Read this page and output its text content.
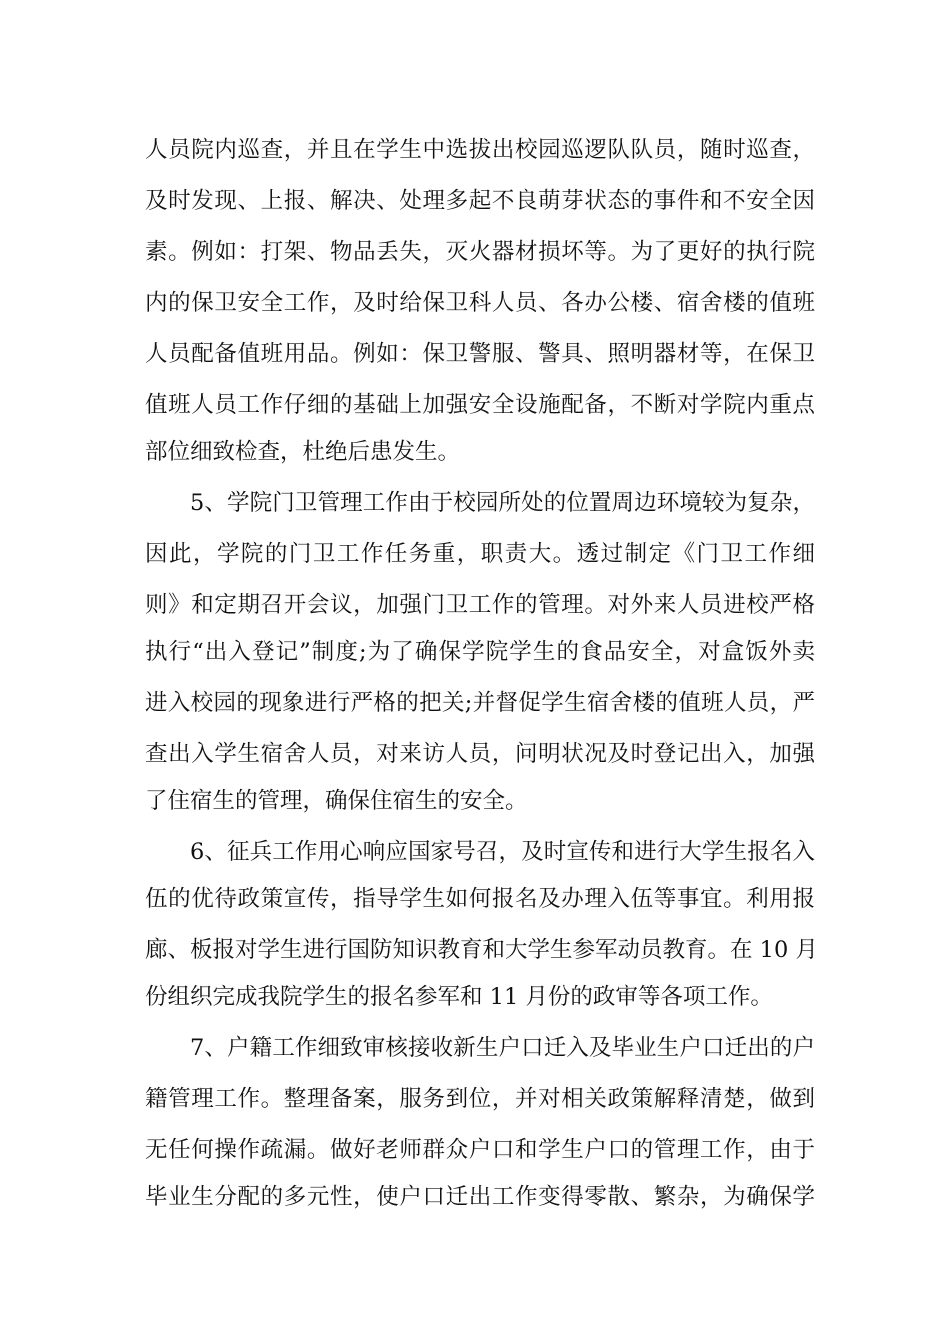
人员院内巡查，并且在学生中选拔出校园巡逻队队员，随时巡查，
及时发现、上报、解决、处理多起不良萌芽状态的事件和不安全因
素。例如：打架、物品丢失，灭火器材损坏等。为了更好的执行院
内的保卫安全工作，及时给保卫科人员、各办公楼、宿舍楼的值班
人员配备值班用品。例如：保卫警服、警具、照明器材等，在保卫
值班人员工作仔细的基础上加强安全设施配备，不断对学院内重点
部位细致检查，杜绝后患发生。
5、学院门卫管理工作由于校园所处的位置周边环境较为复杂，
因此，学院的门卫工作任务重，职责大。透过制定《门卫工作细
则》和定期召开会议，加强门卫工作的管理。对外来人员进校严格
执行“出入登记”制度;为了确保学院学生的食品安全，对盒饭外卖
进入校园的现象进行严格的把关;并督促学生宿舍楼的值班人员，严
查出入学生宿舍人员，对来访人员，问明状况及时登记出入，加强
了住宿生的管理，确保住宿生的安全。
6、征兵工作用心响应国家号召，及时宣传和进行大学生报名入
伍的优待政策宣传，指导学生如何报名及办理入伍等事宜。利用报
廊、板报对学生进行国防知识教育和大学生参军动员教育。在 10 月
份组织完成我院学生的报名参军和 11 月份的政审等各项工作。
7、户籍工作细致审核接收新生户口迁入及毕业生户口迁出的户
籍管理工作。整理备案，服务到位，并对相关政策解释清楚，做到
无任何操作疏漏。做好老师群众户口和学生户口的管理工作，由于
毕业生分配的多元性，使户口迁出工作变得零散、繁杂，为确保学
